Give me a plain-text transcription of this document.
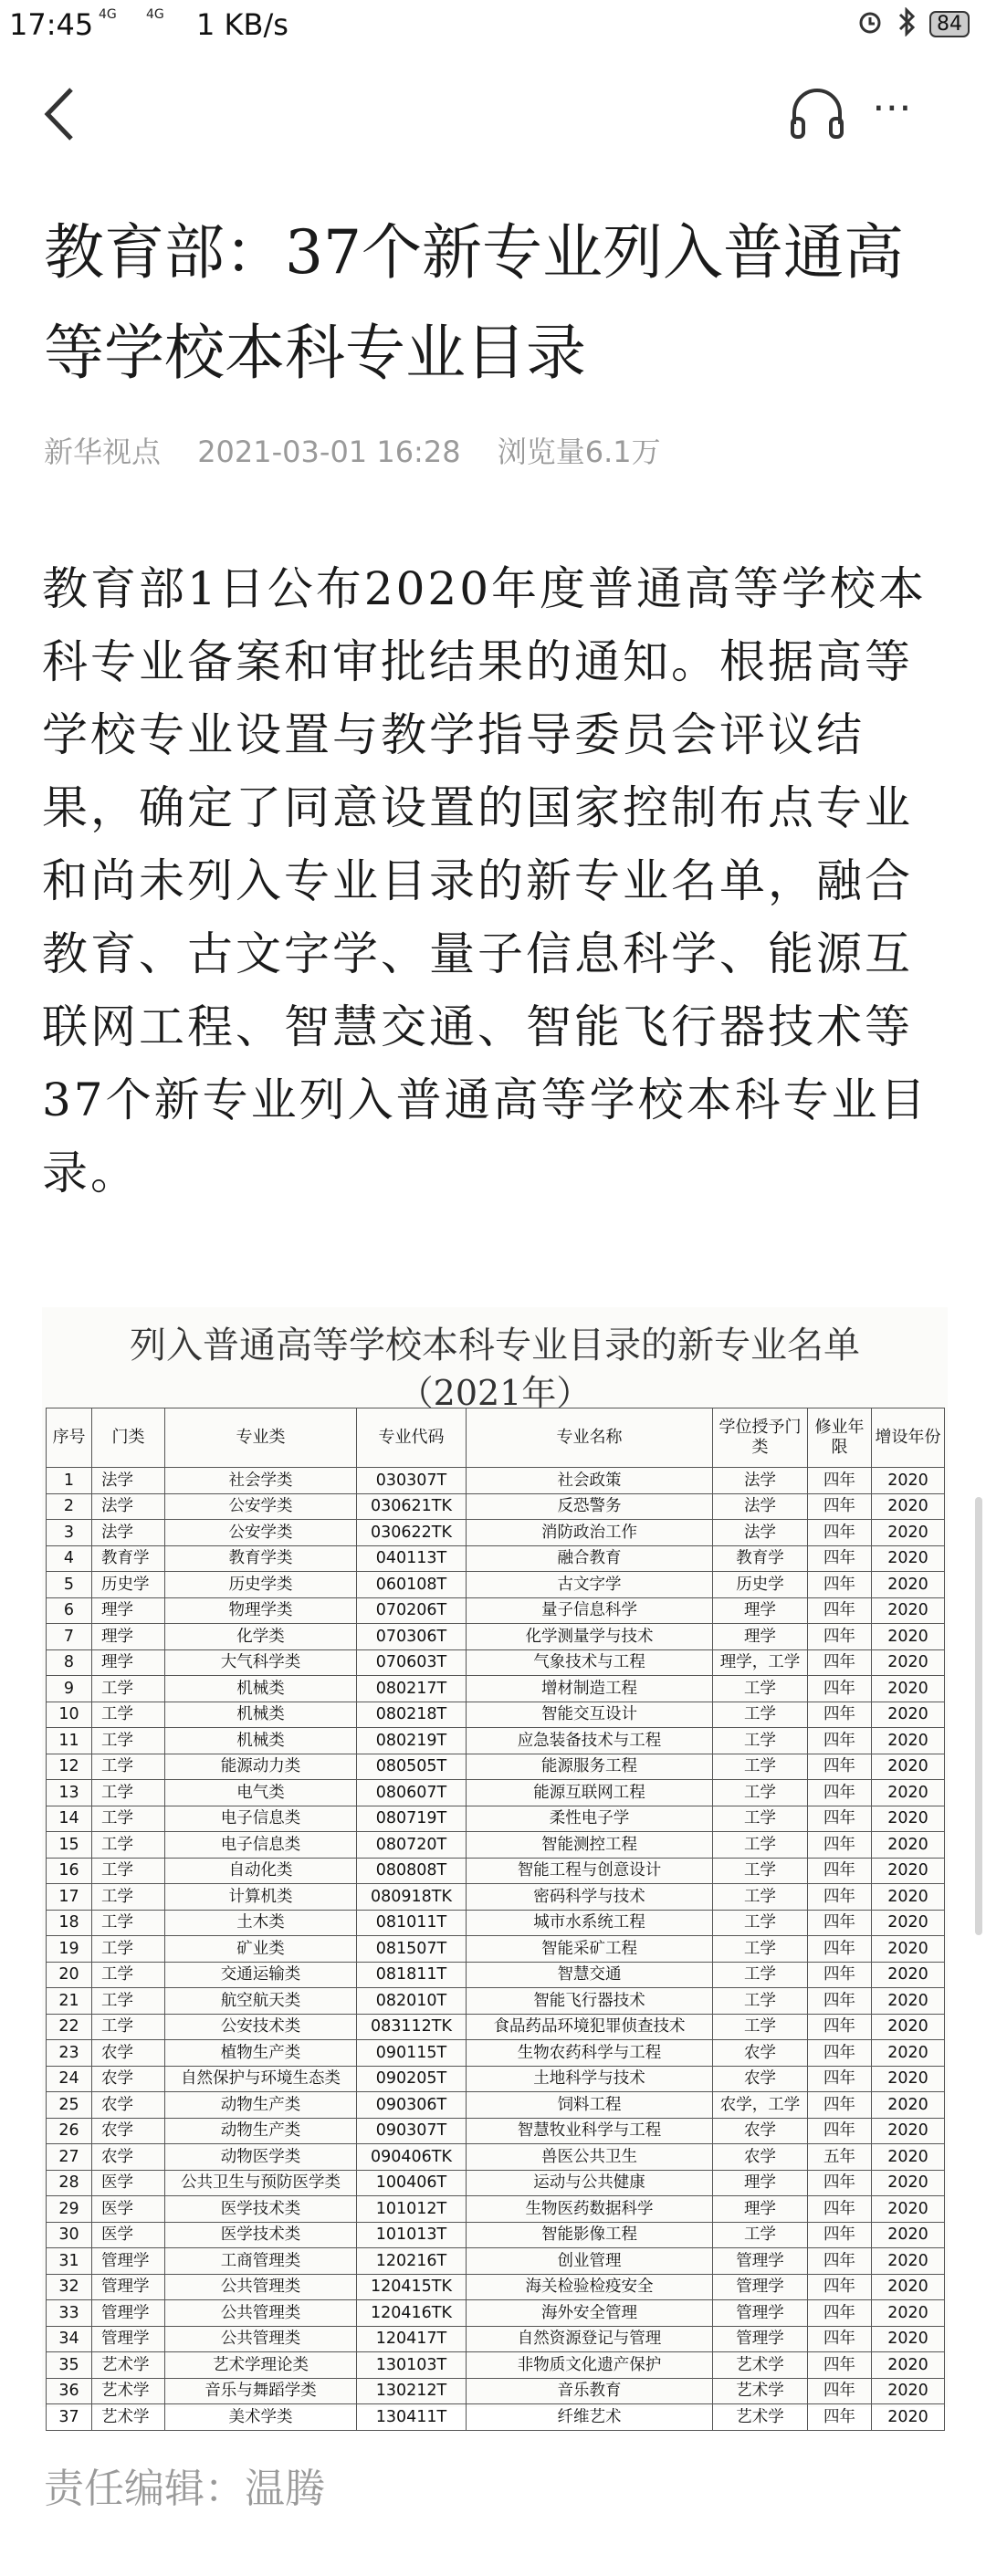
17:45 4G 4G 1 KB/s	84
⋯
教育部：37个新专业列入普通高等学校本科专业目录
新华视点 2021-03-01 16:28 浏览量6.1万
教育部1日公布2020年度普通高等学校本科专业备案和审批结果的通知。根据高等学校专业设置与教学指导委员会评议结果，确定了同意设置的国家控制布点专业和尚未列入专业目录的新专业名单，融合教育、古文字学、量子信息科学、能源互联网工程、智慧交通、智能飞行器技术等37个新专业列入普通高等学校本科专业目录。
列入普通高等学校本科专业目录的新专业名单
（2021年）
序号	门类	专业类	专业代码	专业名称	学位授予门类	修业年限	增设年份
1	法学	社会学类	030307T	社会政策	法学	四年	2020
2	法学	公安学类	030621TK	反恐警务	法学	四年	2020
3	法学	公安学类	030622TK	消防政治工作	法学	四年	2020
4	教育学	教育学类	040113T	融合教育	教育学	四年	2020
5	历史学	历史学类	060108T	古文字学	历史学	四年	2020
6	理学	物理学类	070206T	量子信息科学	理学	四年	2020
7	理学	化学类	070306T	化学测量学与技术	理学	四年	2020
8	理学	大气科学类	070603T	气象技术与工程	理学，工学	四年	2020
9	工学	机械类	080217T	增材制造工程	工学	四年	2020
10	工学	机械类	080218T	智能交互设计	工学	四年	2020
11	工学	机械类	080219T	应急装备技术与工程	工学	四年	2020
12	工学	能源动力类	080505T	能源服务工程	工学	四年	2020
13	工学	电气类	080607T	能源互联网工程	工学	四年	2020
14	工学	电子信息类	080719T	柔性电子学	工学	四年	2020
15	工学	电子信息类	080720T	智能测控工程	工学	四年	2020
16	工学	自动化类	080808T	智能工程与创意设计	工学	四年	2020
17	工学	计算机类	080918TK	密码科学与技术	工学	四年	2020
18	工学	土木类	081011T	城市水系统工程	工学	四年	2020
19	工学	矿业类	081507T	智能采矿工程	工学	四年	2020
20	工学	交通运输类	081811T	智慧交通	工学	四年	2020
21	工学	航空航天类	082010T	智能飞行器技术	工学	四年	2020
22	工学	公安技术类	083112TK	食品药品环境犯罪侦查技术	工学	四年	2020
23	农学	植物生产类	090115T	生物农药科学与工程	农学	四年	2020
24	农学	自然保护与环境生态类	090205T	土地科学与技术	农学	四年	2020
25	农学	动物生产类	090306T	饲料工程	农学，工学	四年	2020
26	农学	动物生产类	090307T	智慧牧业科学与工程	农学	四年	2020
27	农学	动物医学类	090406TK	兽医公共卫生	农学	五年	2020
28	医学	公共卫生与预防医学类	100406T	运动与公共健康	理学	四年	2020
29	医学	医学技术类	101012T	生物医药数据科学	理学	四年	2020
30	医学	医学技术类	101013T	智能影像工程	工学	四年	2020
31	管理学	工商管理类	120216T	创业管理	管理学	四年	2020
32	管理学	公共管理类	120415TK	海关检验检疫安全	管理学	四年	2020
33	管理学	公共管理类	120416TK	海外安全管理	管理学	四年	2020
34	管理学	公共管理类	120417T	自然资源登记与管理	管理学	四年	2020
35	艺术学	艺术学理论类	130103T	非物质文化遗产保护	艺术学	四年	2020
36	艺术学	音乐与舞蹈学类	130212T	音乐教育	艺术学	四年	2020
37	艺术学	美术学类	130411T	纤维艺术	艺术学	四年	2020
责任编辑：温腾
